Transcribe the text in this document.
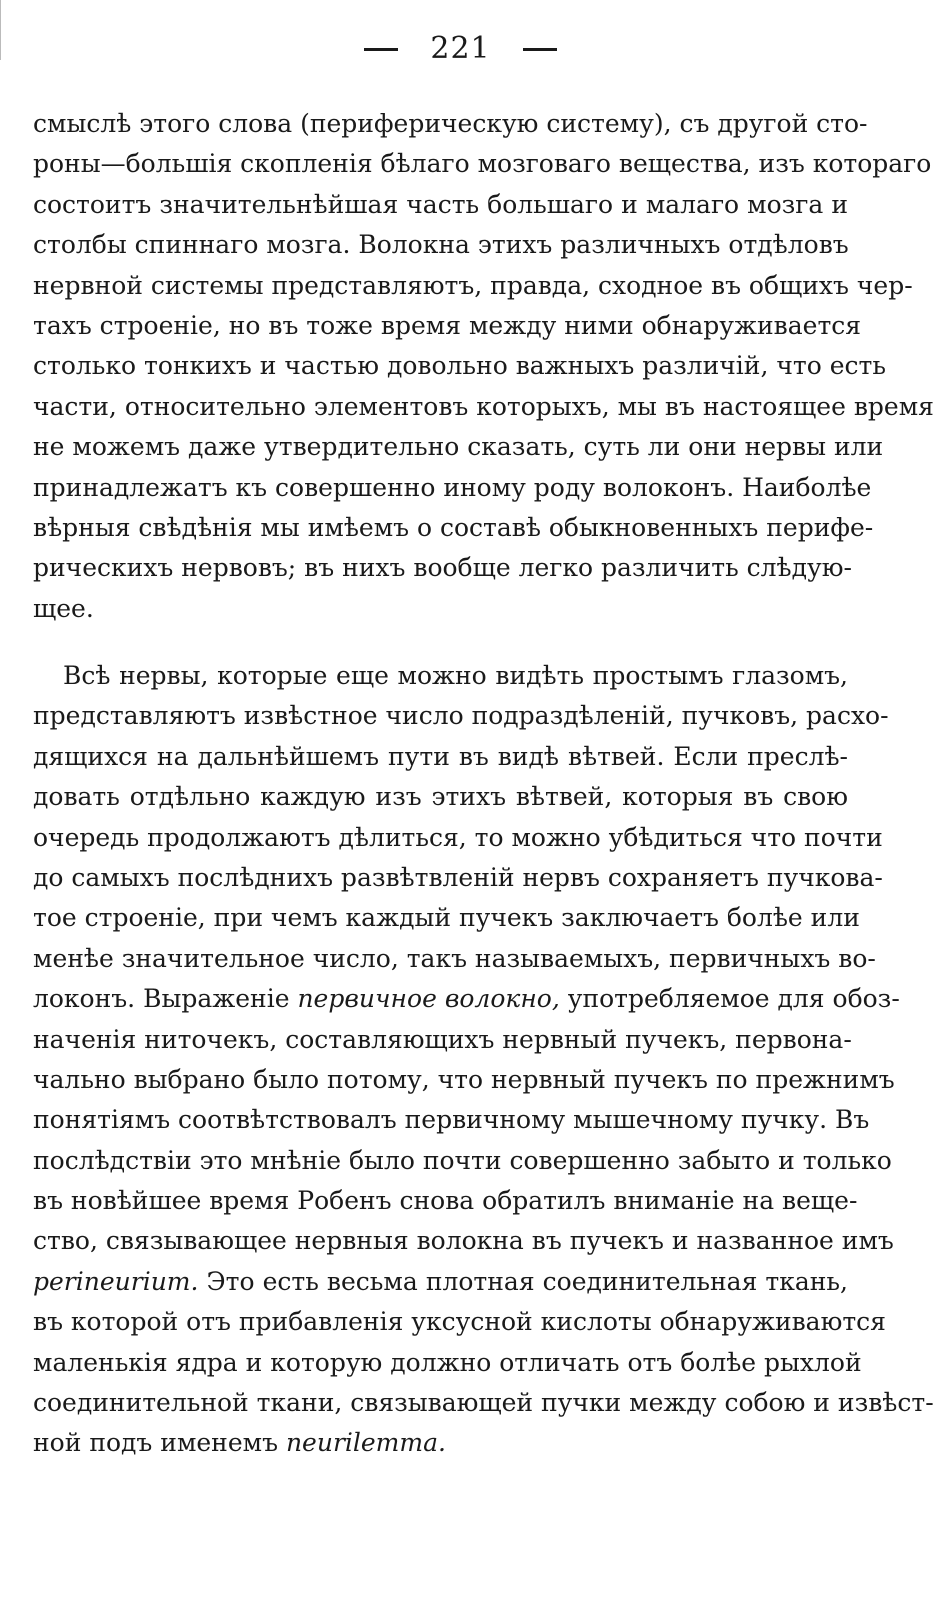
221
смыслѣ этого слова (периферическую систему), съ другой сто-
роны—большія скопленія бѣлаго мозговаго вещества, изъ котораго
состоитъ значительнѣйшая часть большаго и малаго мозга и
столбы спиннаго мозга. Волокна этихъ различныхъ отдѣловъ
нервной системы представляютъ, правда, сходное въ общихъ чер-
тахъ строеніе, но въ тоже время между ними обнаруживается
столько тонкихъ и частью довольно важныхъ различій, что есть
части, относительно элементовъ которыхъ, мы въ настоящее время
не можемъ даже утвердительно сказать, суть ли они нервы или
принадлежатъ къ совершенно иному роду волоконъ. Наиболѣе
вѣрныя свѣдѣнія мы имѣемъ о составѣ обыкновенныхъ перифе-
рическихъ нервовъ; въ нихъ вообще легко различить слѣдую-
щее.
Всѣ нервы, которые еще можно видѣть простымъ глазомъ,
представляютъ извѣстное число подраздѣленій, пучковъ, расхо-
дящихся на дальнѣйшемъ пути въ видѣ вѣтвей. Если преслѣ-
довать отдѣльно каждую изъ этихъ вѣтвей, которыя въ свою
очередь продолжаютъ дѣлиться, то можно убѣдиться что почти
до самыхъ послѣднихъ развѣтвленій нервъ сохраняетъ пучкова-
тое строеніе, при чемъ каждый пучекъ заключаетъ болѣе или
менѣе значительное число, такъ называемыхъ, первичныхъ во-
локонъ. Выраженіе первичное волокно, употребляемое для обоз-
наченія ниточекъ, составляющихъ нервный пучекъ, первона-
чально выбрано было потому, что нервный пучекъ по прежнимъ
понятіямъ соотвѣтствовалъ первичному мышечному пучку. Въ
послѣдствіи это мнѣніе было почти совершенно забыто и только
въ новѣйшее время Робенъ снова обратилъ вниманіе на веще-
ство, связывающее нервныя волокна въ пучекъ и названное имъ
perineurium. Это есть весьма плотная соединительная ткань,
въ которой отъ прибавленія уксусной кислоты обнаруживаются
маленькія ядра и которую должно отличать отъ болѣе рыхлой
соединительной ткани, связывающей пучки между собою и извѣст-
ной подъ именемъ neurilemma.
